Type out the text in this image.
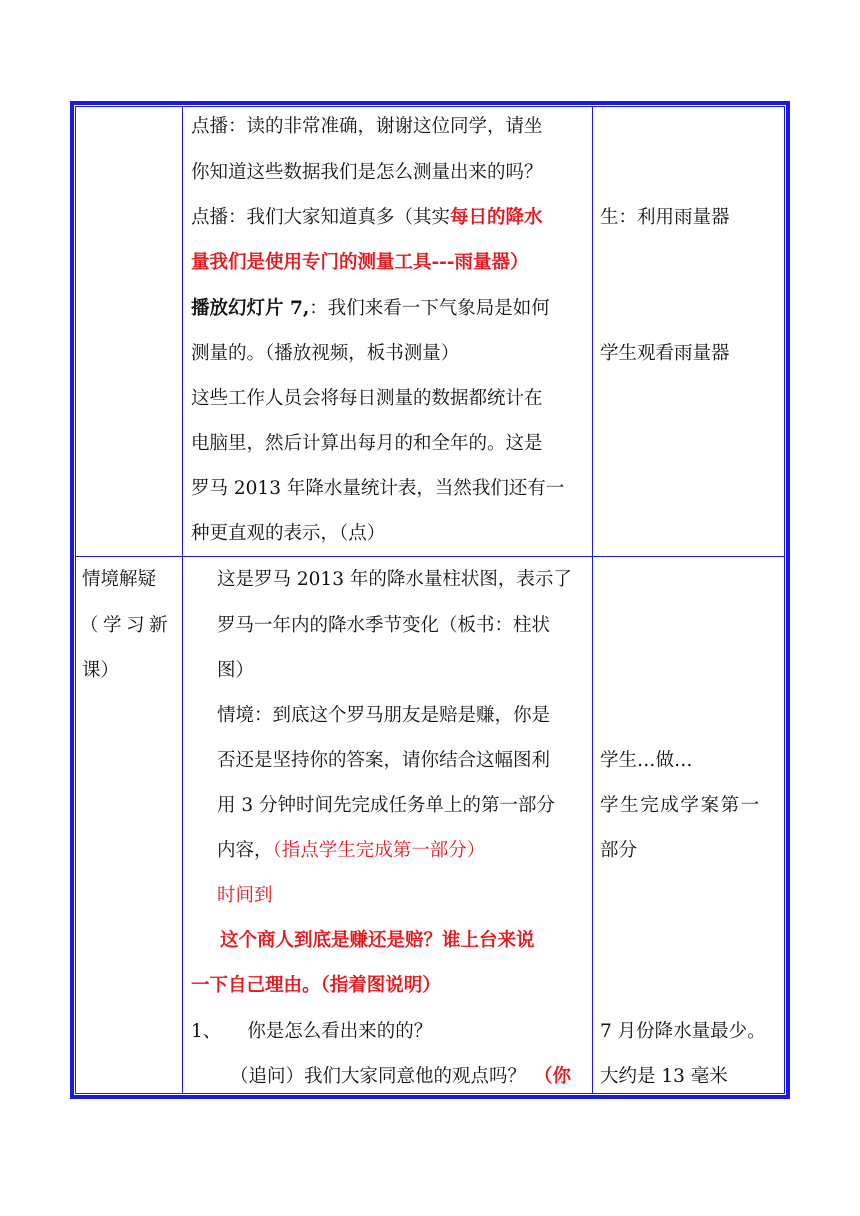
点播：读的非常准确，谢谢这位同学，请坐
你知道这些数据我们是怎么测量出来的吗？
点播：我们大家知道真多（其实每日的降水
量我们是使用专门的测量工具---雨量器）
播放幻灯片 7,：我们来看一下气象局是如何
测量的。（播放视频，板书测量）
这些工作人员会将每日测量的数据都统计在
电脑里，然后计算出每月的和全年的。这是
罗马 2013 年降水量统计表，当然我们还有一
种更直观的表示，（点）
生：利用雨量器
学生观看雨量器
情境解疑
（学习新
课）
这是罗马 2013 年的降水量柱状图，表示了
罗马一年内的降水季节变化（板书：柱状
图）
情境：到底这个罗马朋友是赔是赚，你是
否还是坚持你的答案，请你结合这幅图利
用 3 分钟时间先完成任务单上的第一部分
内容，（指点学生完成第一部分）
时间到
这个商人到底是赚还是赔？谁上台来说
一下自己理由。（指着图说明）
1、 你是怎么看出来的的？
（追问）我们大家同意他的观点吗？ （你
学生…做…
学生完成学案第一
部分
7 月份降水量最少。
大约是 13 毫米
